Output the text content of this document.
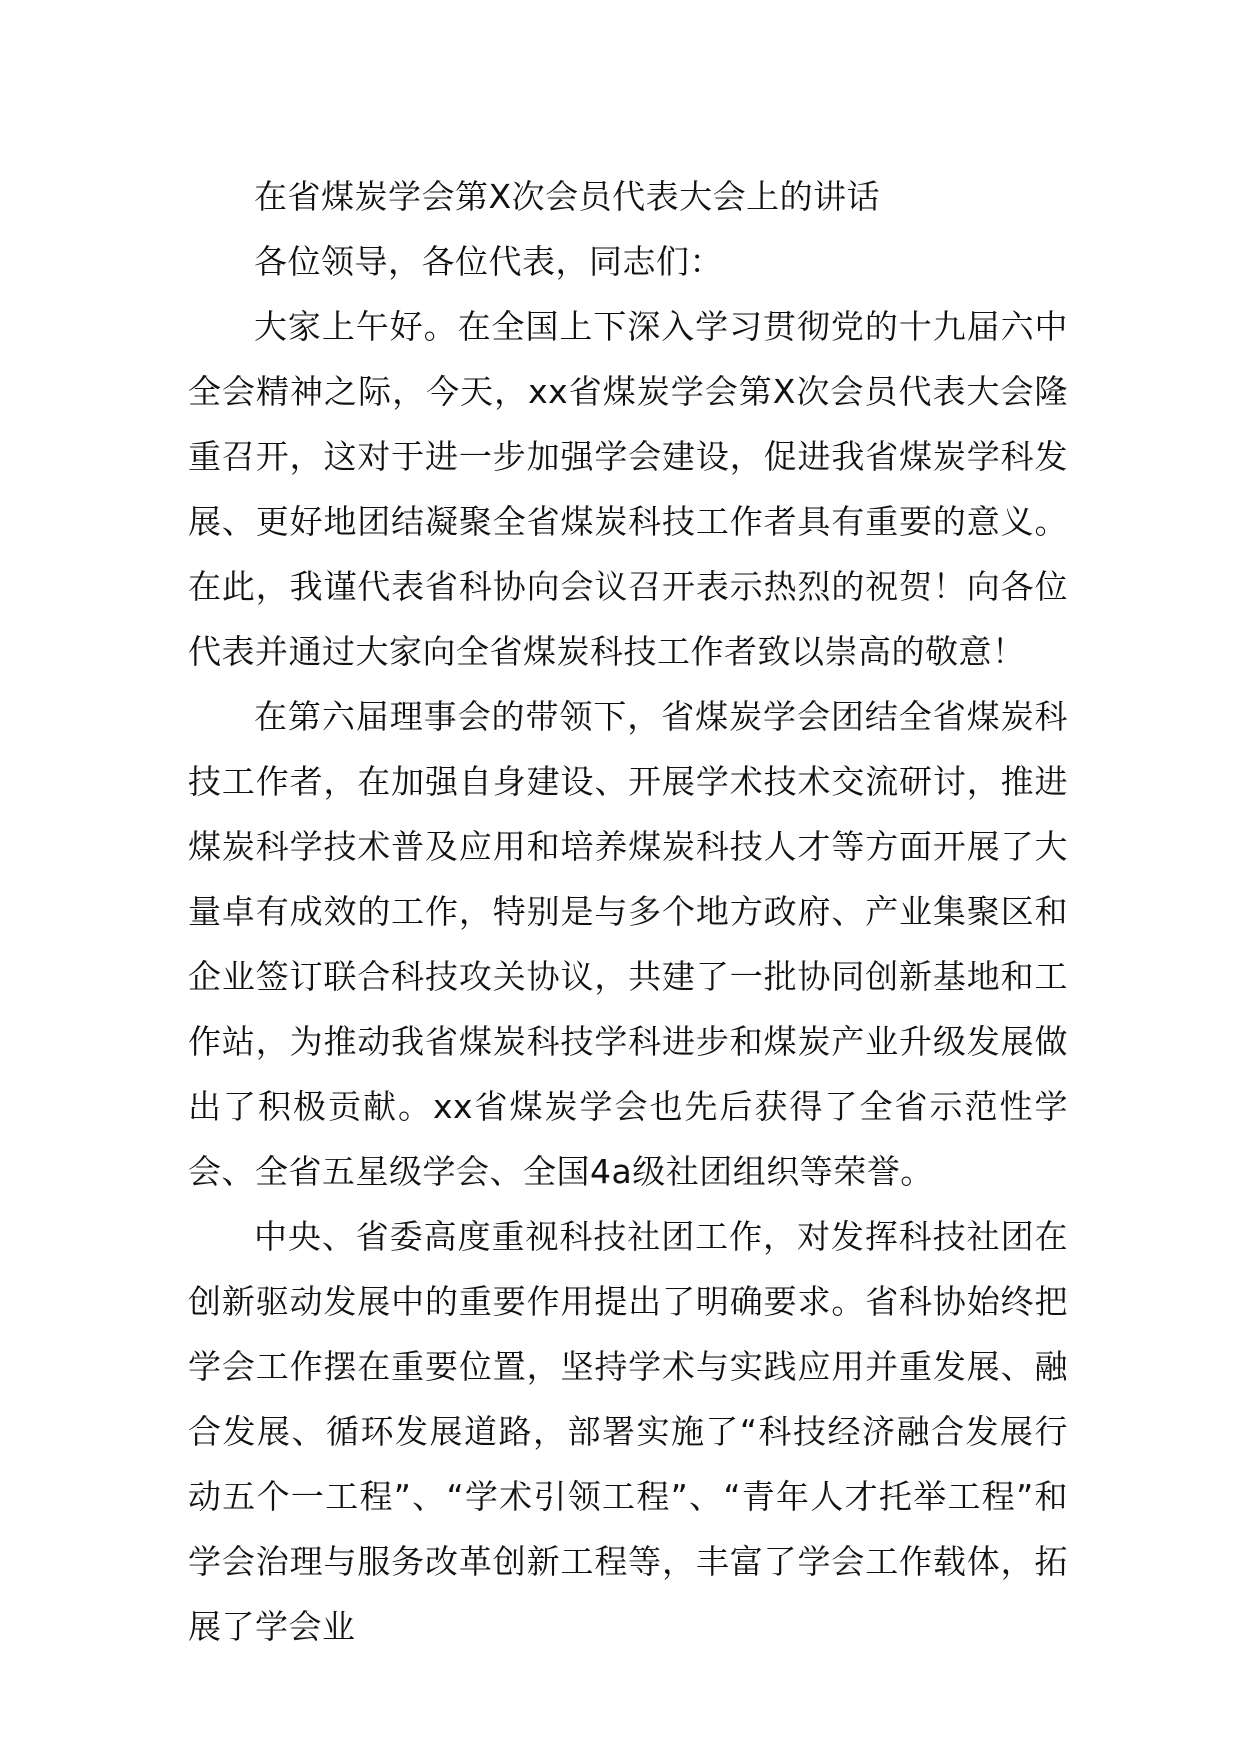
在省煤炭学会第X次会员代表大会上的讲话

各位领导，各位代表，同志们：

大家上午好。在全国上下深入学习贯彻党的十九届六中全会精神之际，今天，xx省煤炭学会第X次会员代表大会隆重召开，这对于进一步加强学会建设，促进我省煤炭学科发展、更好地团结凝聚全省煤炭科技工作者具有重要的意义。在此，我谨代表省科协向会议召开表示热烈的祝贺！向各位代表并通过大家向全省煤炭科技工作者致以崇高的敬意！

在第六届理事会的带领下，省煤炭学会团结全省煤炭科技工作者，在加强自身建设、开展学术技术交流研讨，推进煤炭科学技术普及应用和培养煤炭科技人才等方面开展了大量卓有成效的工作，特别是与多个地方政府、产业集聚区和企业签订联合科技攻关协议，共建了一批协同创新基地和工作站，为推动我省煤炭科技学科进步和煤炭产业升级发展做出了积极贡献。xx省煤炭学会也先后获得了全省示范性学会、全省五星级学会、全国4a级社团组织等荣誉。

中央、省委高度重视科技社团工作，对发挥科技社团在创新驱动发展中的重要作用提出了明确要求。省科协始终把学会工作摆在重要位置，坚持学术与实践应用并重发展、融合发展、循环发展道路，部署实施了“科技经济融合发展行动五个一工程”、“学术引领工程”、“青年人才托举工程”和学会治理与服务改革创新工程等，丰富了学会工作载体，拓展了学会业
